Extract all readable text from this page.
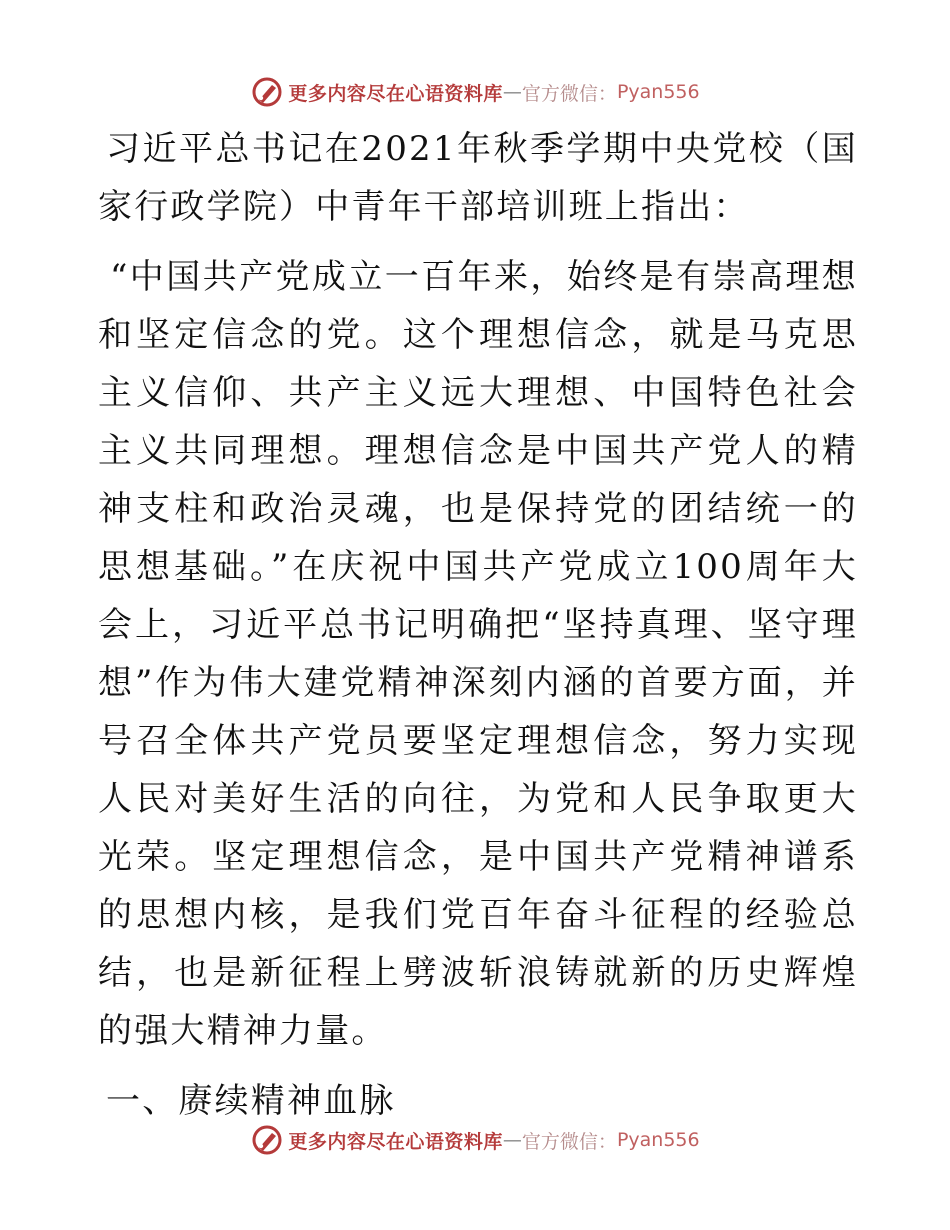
更多内容尽在心语资料库 — 官方微信： Pyan556

习近平总书记在2021年秋季学期中央党校（国家行政学院）中青年干部培训班上指出：

“中国共产党成立一百年来，始终是有崇高理想和坚定信念的党。这个理想信念，就是马克思主义信仰、共产主义远大理想、中国特色社会主义共同理想。理想信念是中国共产党人的精神支柱和政治灵魂，也是保持党的团结统一的思想基础。”在庆祝中国共产党成立100周年大会上，习近平总书记明确把“坚持真理、坚守理想”作为伟大建党精神深刻内涵的首要方面，并号召全体共产党员要坚定理想信念，努力实现人民对美好生活的向往，为党和人民争取更大光荣。坚定理想信念，是中国共产党精神谱系的思想内核，是我们党百年奋斗征程的经验总结，也是新征程上劈波斩浪铸就新的历史辉煌的强大精神力量。

一、赓续精神血脉

更多内容尽在心语资料库 — 官方微信： Pyan556
